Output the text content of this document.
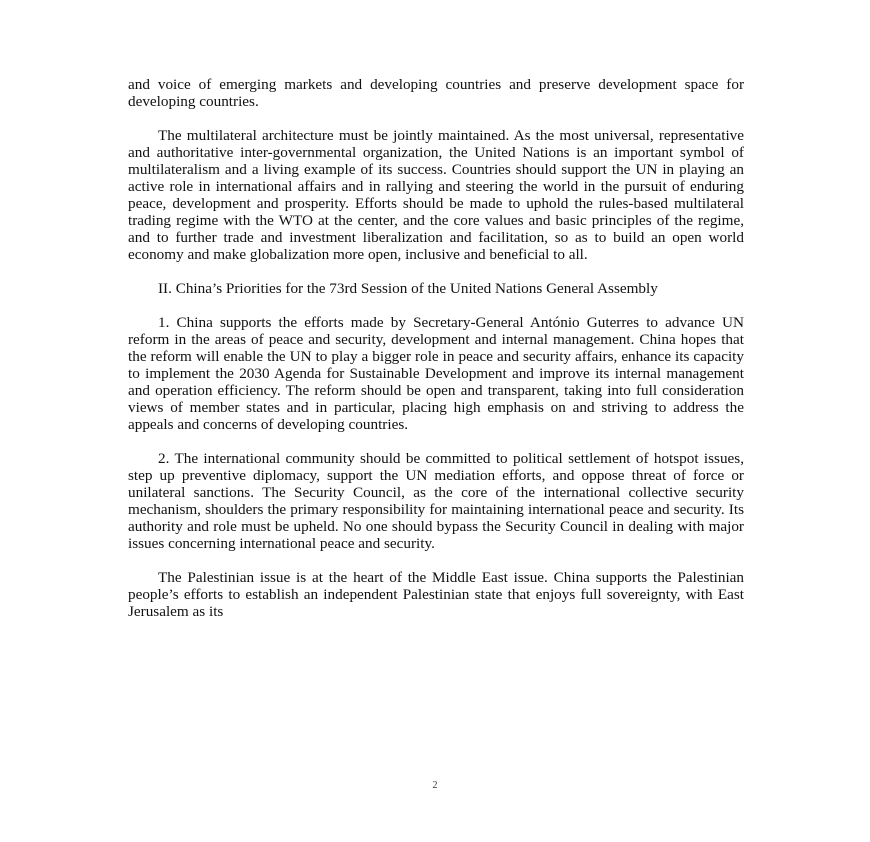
and voice of emerging markets and developing countries and preserve development space for developing countries.

The multilateral architecture must be jointly maintained. As the most universal, representative and authoritative inter-governmental organization, the United Nations is an important symbol of multilateralism and a living example of its success. Countries should support the UN in playing an active role in international affairs and in rallying and steering the world in the pursuit of enduring peace, development and prosperity. Efforts should be made to uphold the rules-based multilateral trading regime with the WTO at the center, and the core values and basic principles of the regime, and to further trade and investment liberalization and facilitation, so as to build an open world economy and make globalization more open, inclusive and beneficial to all.

II. China’s Priorities for the 73rd Session of the United Nations General Assembly

1. China supports the efforts made by Secretary-General António Guterres to advance UN reform in the areas of peace and security, development and internal management. China hopes that the reform will enable the UN to play a bigger role in peace and security affairs, enhance its capacity to implement the 2030 Agenda for Sustainable Development and improve its internal management and operation efficiency. The reform should be open and transparent, taking into full consideration views of member states and in particular, placing high emphasis on and striving to address the appeals and concerns of developing countries.

2. The international community should be committed to political settlement of hotspot issues, step up preventive diplomacy, support the UN mediation efforts, and oppose threat of force or unilateral sanctions. The Security Council, as the core of the international collective security mechanism, shoulders the primary responsibility for maintaining international peace and security. Its authority and role must be upheld. No one should bypass the Security Council in dealing with major issues concerning international peace and security.

The Palestinian issue is at the heart of the Middle East issue. China supports the Palestinian people’s efforts to establish an independent Palestinian state that enjoys full sovereignty, with East Jerusalem as its

2
